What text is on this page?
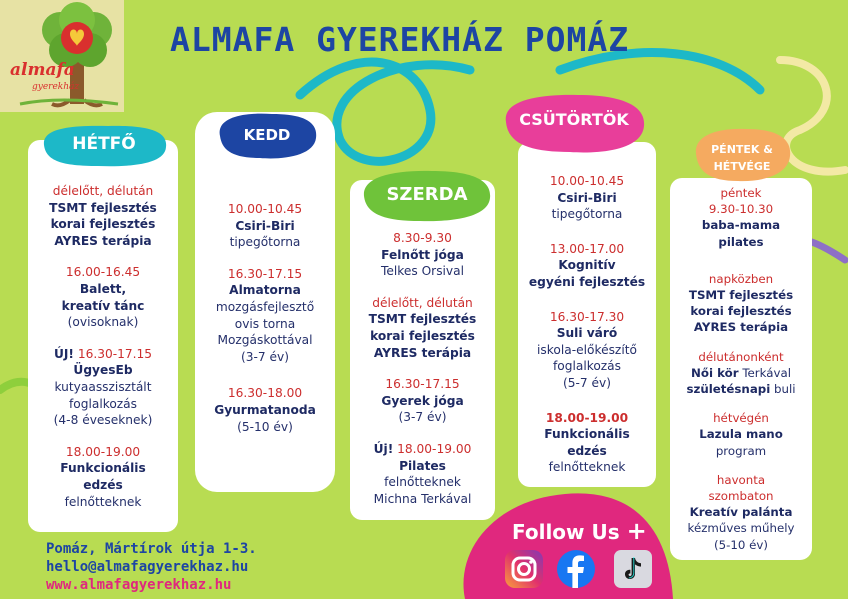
almafa
gyerekház
ALMAFA GYEREKHÁZ POMÁZ
HÉTFŐ	KEDD
SZERDA
CSÜTÖRTÖK
PÉNTEK &
HÉTVÉGE
délelőtt, délután
TSMT fejlesztés
korai fejlesztés
AYRES terápia
16.00-16.45
Balett,
kreatív tánc
(ovisoknak)
ÚJ! 16.30-17.15
ÜgyesEb
kutyaasszisztált
foglalkozás
(4-8 éveseknek)
18.00-19.00
Funkcionális
edzés
felnőtteknek
10.00-10.45
Csiri-Biri
tipegőtorna
16.30-17.15
Almatorna
mozgásfejlesztő
ovis torna
Mozgáskottával
(3-7 év)
16.30-18.00
Gyurmatanoda
(5-10 év)
8.30-9.30
Felnőtt jóga
Telkes Orsival
délelőtt, délután
TSMT fejlesztés
korai fejlesztés
AYRES terápia
16.30-17.15
Gyerek jóga
(3-7 év)
Új! 18.00-19.00
Pilates
felnőtteknek
Michna Terkával
10.00-10.45
Csiri-Biri
tipegőtorna
13.00-17.00
Kognitív
egyéni fejlesztés
16.30-17.30
Suli váró
iskola-előkészítő
foglalkozás
(5-7 év)
18.00-19.00
Funkcionális
edzés
felnőtteknek
péntek
9.30-10.30
baba-mama
pilates
napközben
TSMT fejlesztés
korai fejlesztés
AYRES terápia
délutánonként
Női kör Terkával
születésnapi buli
hétvégén
Lazula mano
program
havonta
szombaton
Kreatív palánta
kézműves műhely
(5-10 év)
Pomáz, Mártírok útja 1-3.
hello@almafagyerekhaz.hu
www.almafagyerekhaz.hu
Follow Us +
